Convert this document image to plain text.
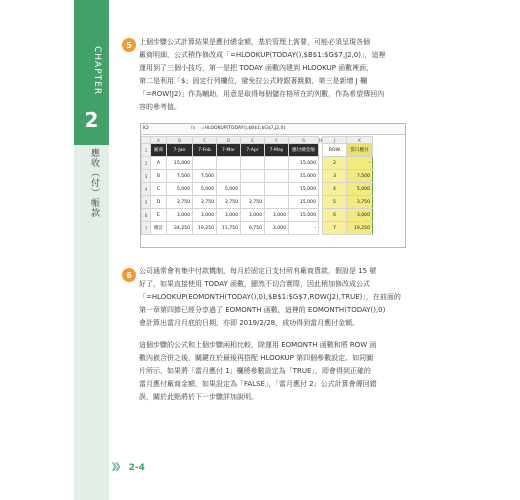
CHAPTER
2
應收（付）帳款
5	上個步驟公式計算結果是應付總金額，基於管理上需要，可能必須呈現各個
廠商明細，公式稍作修改成「=HLOOKUP(TODAY(),$B$1:$G$7,J2,0)」，這裡
運用到了三個小技巧，第一是把 TODAY 函數內建到 HLOOKUP 函數裡面，
第二是利用「$」固定行列欄位，避免拉公式時跟著跳動，第三是新增 J 欄
「=ROW(J2)」作為輔助，用意是取得每個儲存格所在的列數，作為希望傳回內
容的參考值。
K2	fx =HLOOKUP(TODAY(),$B$1:$G$7,J2,0)
	A	B	C	D	E	F	G	H	J	K
1	廠商	7-Jan	7-Feb	7-Mar	7-Apr	7-May	應付總金額		ROW	當日應付
2	A	15,000					15,000		2	-
3	B	7,500	7,500				15,000		3	7,500
4	C	5,000	5,000	5,000			15,000		4	5,000
5	D	3,750	3,750	3,750	3,750		15,000		5	3,750
6	E	3,000	3,000	3,000	3,000	3,000	15,000		6	3,000
7	總計	34,250	19,250	11,750	6,750	3,000	-		7	19,250
6	公司通常會有集中付款機制，每月於固定日支付所有廠商貨款，假設是 15 號
好了，如果直接使用 TODAY 函數，顯然不切合實際，因此稍加修改成公式
「=HLOOKUP(EOMONTH(TODAY(),0),$B$1:$G$7,ROW(J2),TRUE)」，在前面的
第一章第四節已經分享過了 EOMONTH 函數，這裡的 EOMONTH(TODAY(),0)
會計算出當月月底的日期，亦即 2019/2/28，成功得到當月應付金額。
這個步驟的公式和上個步驟兩相比較，除運用 EOMONTH 函數和將 ROW 函
數內嵌合併之後，關鍵在於最後再搭配 HLOOKUP 第四個參數設定。如同圖
片所示，如果將「當月應付 1」欄將參數設定為「TRUE」，即會得到正確的
當月應付廠商金額，如果設定為「FALSE」，「當月應付 2」公式計算會傳回錯
誤，關於此點將於下一步驟詳加說明。
》》 2-4
